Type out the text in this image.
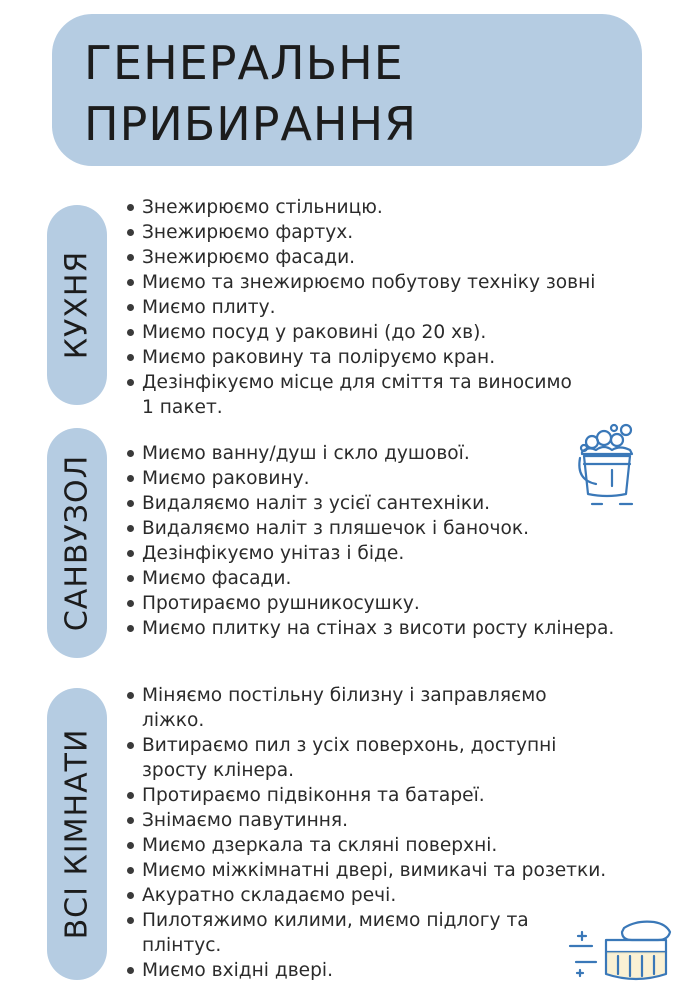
ГЕНЕРАЛЬНЕ
ПРИБИРАННЯ
КУХНЯ
Знежирюємо стільницю.
Знежирюємо фартух.
Знежирюємо фасади.
Миємо та знежирюємо побутову техніку зовні
Миємо плиту.
Миємо посуд у раковині (до 20 хв).
Миємо раковину та поліруємо кран.
Дезінфікуємо місце для сміття та виносимо
1 пакет.
САНВУЗОЛ
Миємо ванну/душ і скло душової.
Миємо раковину.
Видаляємо наліт з усієї сантехніки.
Видаляємо наліт з пляшечок і баночок.
Дезінфікуємо унітаз і біде.
Миємо фасади.
Протираємо рушникосушку.
Миємо плитку на стінах з висоти росту клінера.
ВСІ КІМНАТИ
Міняємо постільну білизну і заправляємо
ліжко.
Витираємо пил з усіх поверхонь, доступні
зросту клінера.
Протираємо підвіконня та батареї.
Знімаємо павутиння.
Миємо дзеркала та скляні поверхні.
Миємо міжкімнатні двері, вимикачі та розетки.
Акуратно складаємо речі.
Пилотяжимо килими, миємо підлогу та
плінтус.
Миємо вхідні двері.
